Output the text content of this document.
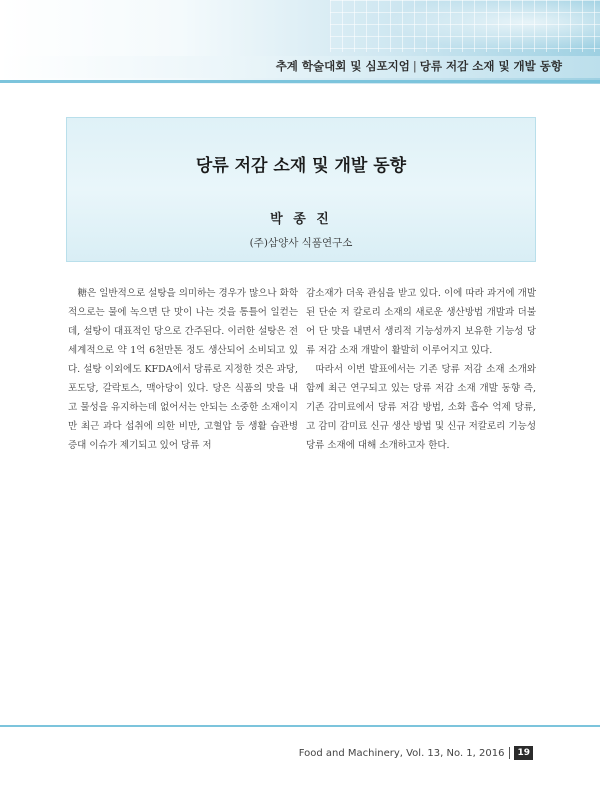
추계 학술대회 및 심포지엄 | 당류 저감 소재 및 개발 동향
당류 저감 소재 및 개발 동향
박 종 진
(주)삼양사 식품연구소

糖은 일반적으로 설탕을 의미하는 경우가 많으나 화학적으로는 물에 녹으면 단 맛이 나는 것을 통틀어 일컫는데, 설탕이 대표적인 당으로 간주된다. 이러한 설탕은 전 세계적으로 약 1억 6천만톤 정도 생산되어 소비되고 있다. 설탕 이외에도 KFDA에서 당류로 지정한 것은 과당, 포도당, 갈락토스, 맥아당이 있다. 당은 식품의 맛을 내고 물성을 유지하는데 없어서는 안되는 소중한 소재이지만 최근 과다 섭취에 의한 비만, 고혈압 등 생활 습관병 증대 이슈가 제기되고 있어 당류 저

감소재가 더욱 관심을 받고 있다. 이에 따라 과거에 개발된 단순 저 칼로리 소재의 새로운 생산방법 개발과 더불어 단 맛을 내면서 생리적 기능성까지 보유한 기능성 당류 저감 소재 개발이 활발히 이루어지고 있다.

따라서 이번 발표에서는 기존 당류 저감 소재 소개와 함께 최근 연구되고 있는 당류 저감 소재 개발 동향 즉, 기존 감미료에서 당류 저감 방법, 소화 흡수 억제 당류, 고 감미 감미료 신규 생산 방법 및 신규 저칼로리 기능성 당류 소재에 대해 소개하고자 한다.

Food and Machinery, Vol. 13, No. 1, 2016	19
